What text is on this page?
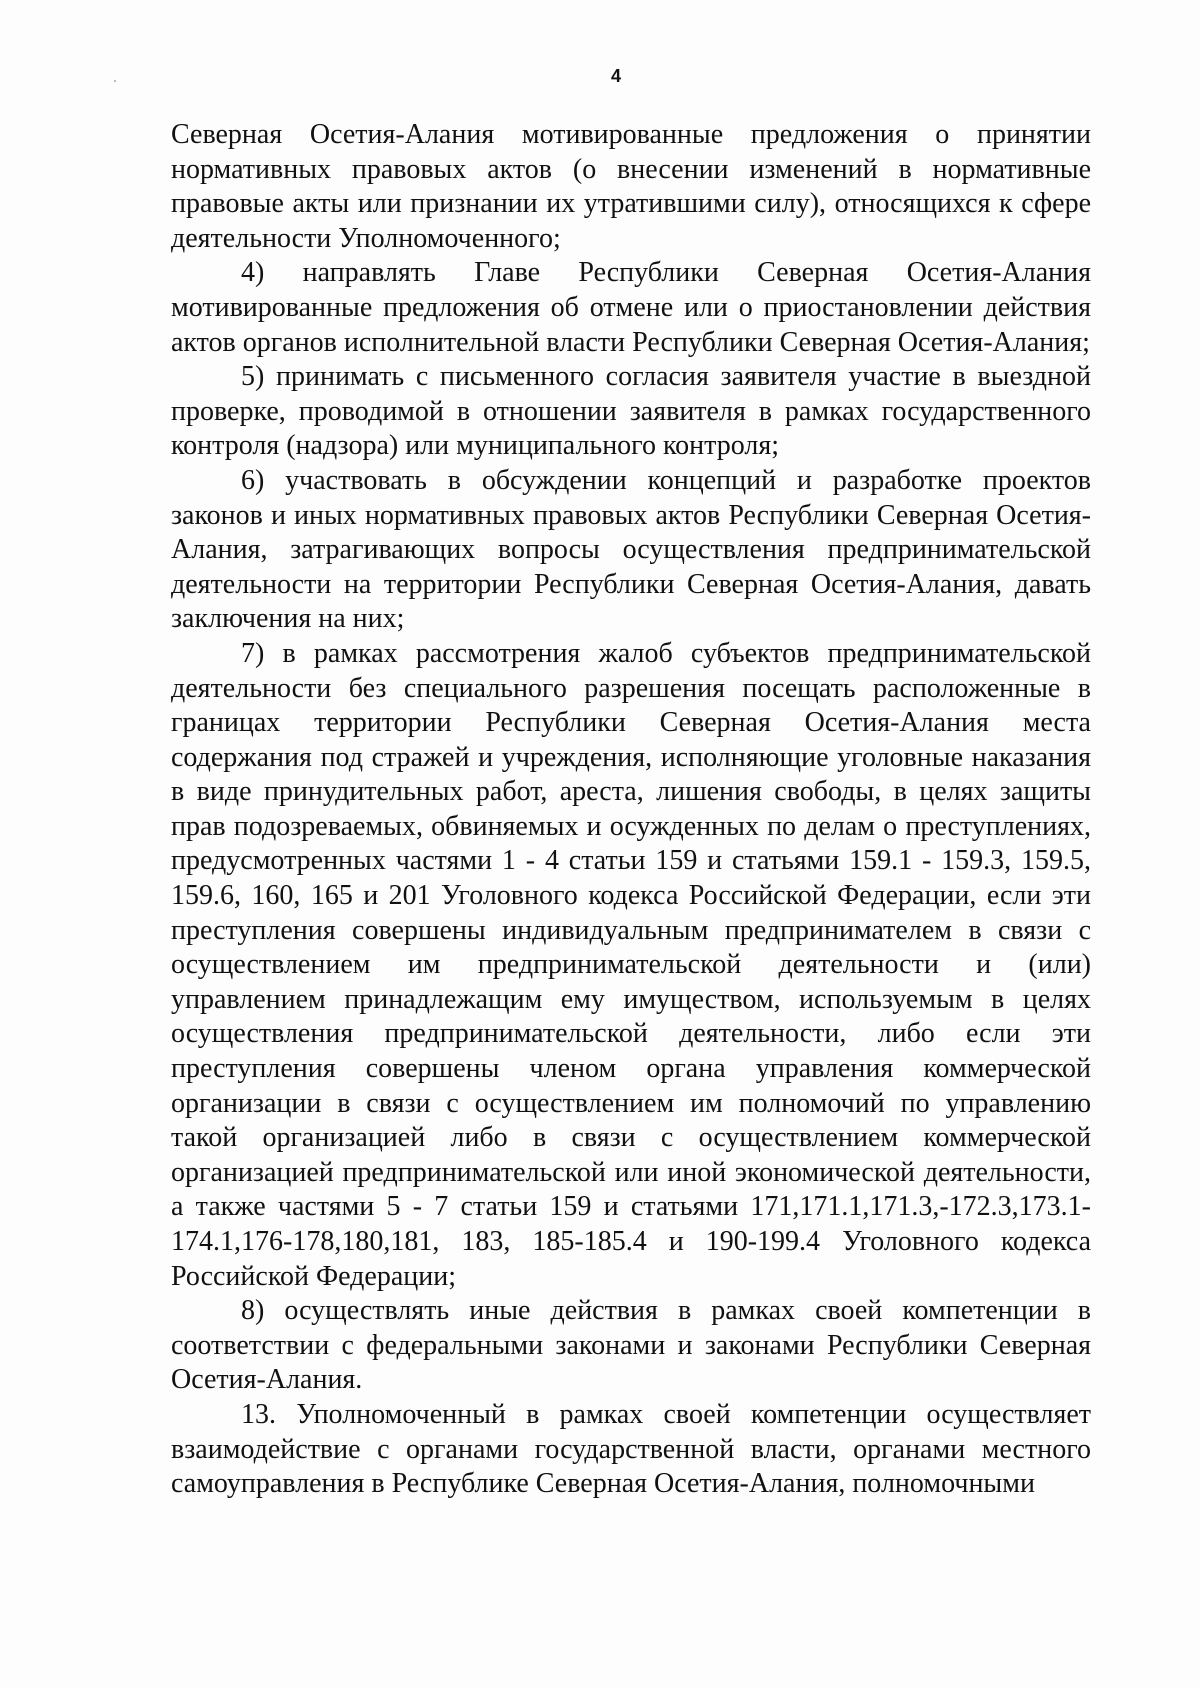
4

Северная Осетия-Алания мотивированные предложения о принятии нормативных правовых актов (о внесении изменений в нормативные правовые акты или признании их утратившими силу), относящихся к сфере деятельности Уполномоченного;

4) направлять Главе Республики Северная Осетия-Алания мотивированные предложения об отмене или о приостановлении действия актов органов исполнительной власти Республики Северная Осетия-Алания;

5) принимать с письменного согласия заявителя участие в выездной проверке, проводимой в отношении заявителя в рамках государственного контроля (надзора) или муниципального контроля;

6) участвовать в обсуждении концепций и разработке проектов законов и иных нормативных правовых актов Республики Северная Осетия-Алания, затрагивающих вопросы осуществления предпринимательской деятельности на территории Республики Северная Осетия-Алания, давать заключения на них;

7) в рамках рассмотрения жалоб субъектов предпринимательской деятельности без специального разрешения посещать расположенные в границах территории Республики Северная Осетия-Алания места содержания под стражей и учреждения, исполняющие уголовные наказания в виде принудительных работ, ареста, лишения свободы, в целях защиты прав подозреваемых, обвиняемых и осужденных по делам о преступлениях, предусмотренных частями 1 - 4 статьи 159 и статьями 159.1 - 159.3, 159.5, 159.6, 160, 165 и 201 Уголовного кодекса Российской Федерации, если эти преступления совершены индивидуальным предпринимателем в связи с осуществлением им предпринимательской деятельности и (или) управлением принадлежащим ему имуществом, используемым в целях осуществления предпринимательской деятельности, либо если эти преступления совершены членом органа управления коммерческой организации в связи с осуществлением им полномочий по управлению такой организацией либо в связи с осуществлением коммерческой организацией предпринимательской или иной экономической деятельности, а также частями 5 - 7 статьи 159 и статьями 171,171.1,171.3,-172.3,173.1-174.1,176-178,180,181, 183, 185-185.4 и 190-199.4 Уголовного кодекса Российской Федерации;

8) осуществлять иные действия в рамках своей компетенции в соответствии с федеральными законами и законами Республики Северная Осетия-Алания.

13. Уполномоченный в рамках своей компетенции осуществляет взаимодействие с органами государственной власти, органами местного самоуправления в Республике Северная Осетия-Алания, полномочными
